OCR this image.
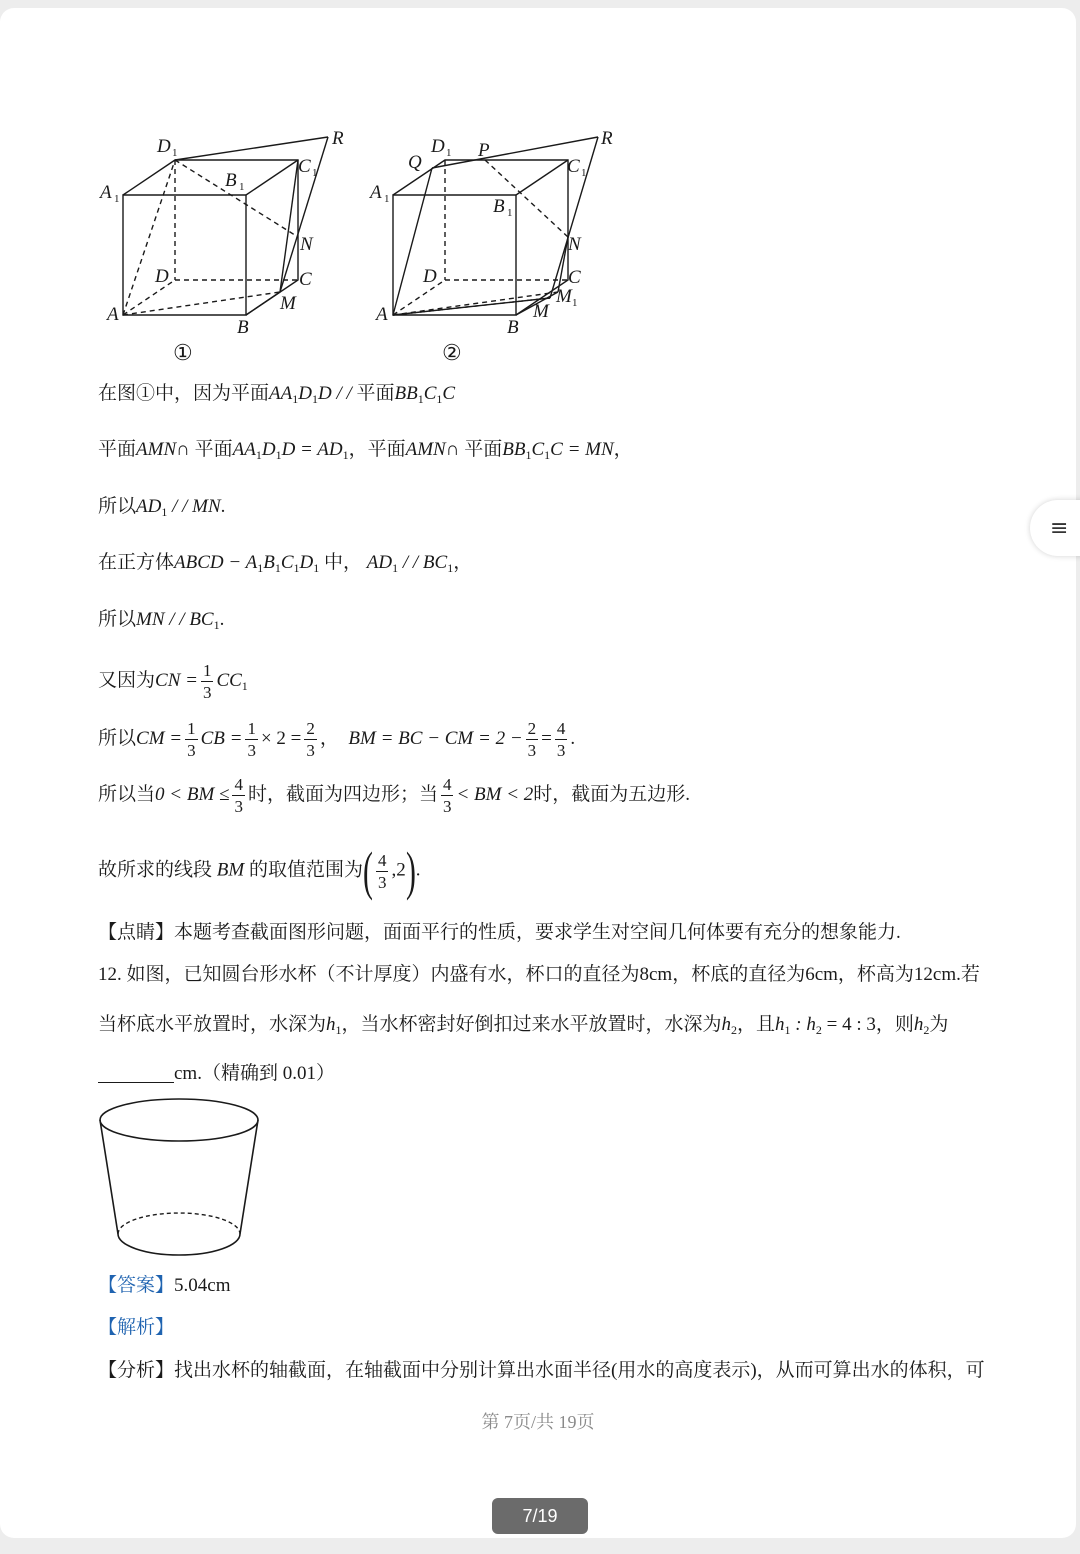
D 1
A 1
B 1
C 1
R
N
D	C
M
A
B
①
Q
D 1 P
R
C 1
A 1	B 1
N
D	C
M 1
M
A
B
②
在图①中，因为平面$AA_1D_1D$ / / 平面$BB_1C_1C$
平面AMN∩ 平面$AA_1D_1D = AD_1$，平面AMN∩ 平面$BB_1C_1C$ = MN，
所以$AD_1$ / / MN.
在正方体ABCD − $A_1B_1C_1D_1$ 中， $AD_1$ / / $BC_1$，
所以MN / / $BC_1$.
又因为CN = $\frac{1}{3} CC_1$
所以CM = $\frac{1}{3}$ CB = $\frac{1}{3} \times 2 = \frac{2}{3}$ ， BM = BC − CM = $2 - \frac{2}{3} = \frac{4}{3}$ .
所以当0 < BM ≤ $\frac{4}{3}$ 时，截面为四边形；当 $\frac{4}{3}$ < BM < 2时，截面为五边形.
故所求的线段 BM 的取值范围为( $\frac{4}{3} ,2$).
【点睛】本题考查截面图形问题，面面平行的性质，要求学生对空间几何体要有充分的想象能力.
12. 如图，已知圆台形水杯（不计厚度）内盛有水，杯口的直径为8cm，杯底的直径为6cm，杯高为12cm.若
当杯底水平放置时，水深为$h_1$，当水杯密封好倒扣过来水平放置时，水深为$h_2$，且$h_1$ : $h_2 = 4$ : 3，则$h_2$为
cm.（精确到 0.01）
【答案】5.04cm
【解析】
【分析】找出水杯的轴截面，在轴截面中分别计算出水面半径(用水的高度表示)，从而可算出水的体积，可
第 7页/共 19页
≡
7/19
